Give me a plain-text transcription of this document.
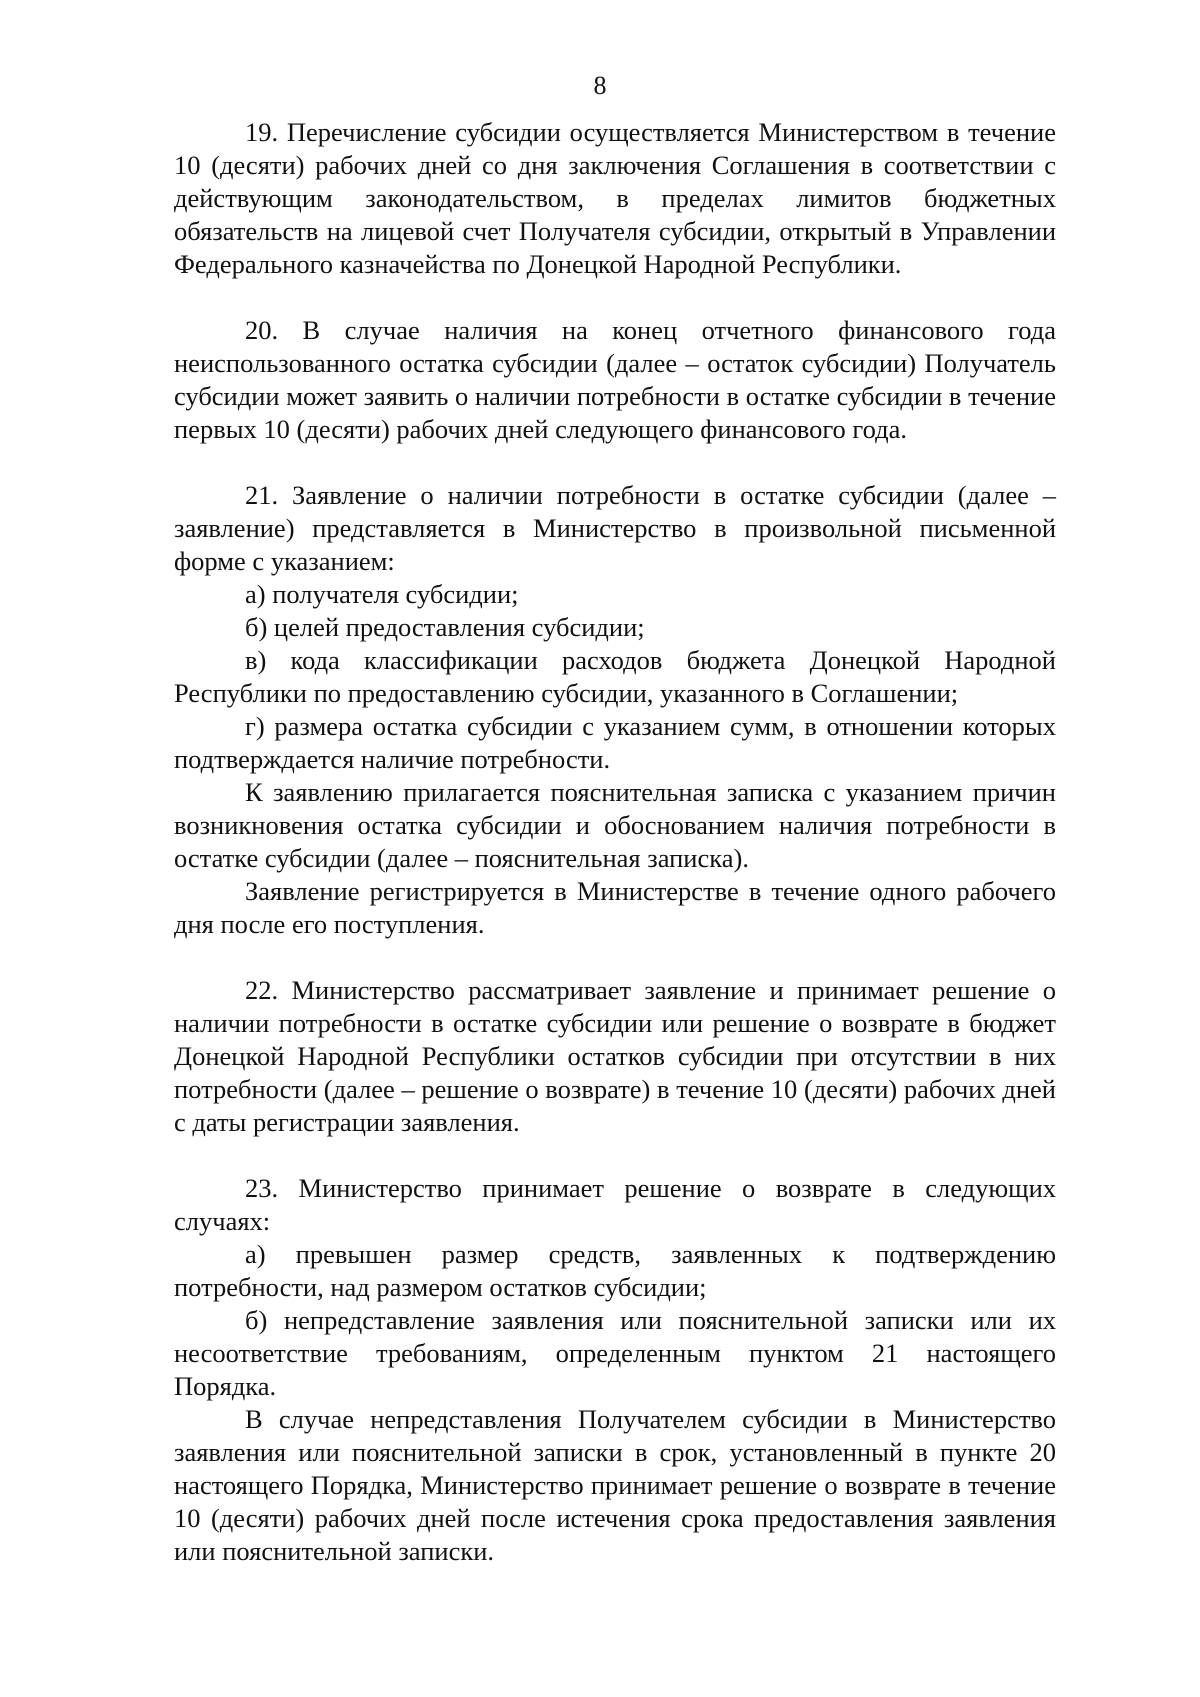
8

19. Перечисление субсидии осуществляется Министерством в течение 10 (десяти) рабочих дней со дня заключения Соглашения в соответствии с действующим законодательством, в пределах лимитов бюджетных обязательств на лицевой счет Получателя субсидии, открытый в Управлении Федерального казначейства по Донецкой Народной Республики.

20. В случае наличия на конец отчетного финансового года неиспользованного остатка субсидии (далее – остаток субсидии) Получатель субсидии может заявить о наличии потребности в остатке субсидии в течение первых 10 (десяти) рабочих дней следующего финансового года.

21. Заявление о наличии потребности в остатке субсидии (далее – заявление) представляется в Министерство в произвольной письменной форме с указанием:

а) получателя субсидии;

б) целей предоставления субсидии;

в) кода классификации расходов бюджета Донецкой Народной Республики по предоставлению субсидии, указанного в Соглашении;

г) размера остатка субсидии с указанием сумм, в отношении которых подтверждается наличие потребности.

К заявлению прилагается пояснительная записка с указанием причин возникновения остатка субсидии и обоснованием наличия потребности в остатке субсидии (далее – пояснительная записка).

Заявление регистрируется в Министерстве в течение одного рабочего дня после его поступления.

22. Министерство рассматривает заявление и принимает решение о наличии потребности в остатке субсидии или решение о возврате в бюджет Донецкой Народной Республики остатков субсидии при отсутствии в них потребности (далее – решение о возврате) в течение 10 (десяти) рабочих дней с даты регистрации заявления.

23. Министерство принимает решение о возврате в следующих случаях:

а) превышен размер средств, заявленных к подтверждению потребности, над размером остатков субсидии;

б) непредставление заявления или пояснительной записки или их несоответствие требованиям, определенным пунктом 21 настоящего Порядка.

В случае непредставления Получателем субсидии в Министерство заявления или пояснительной записки в срок, установленный в пункте 20 настоящего Порядка, Министерство принимает решение о возврате в течение 10 (десяти) рабочих дней после истечения срока предоставления заявления или пояснительной записки.
